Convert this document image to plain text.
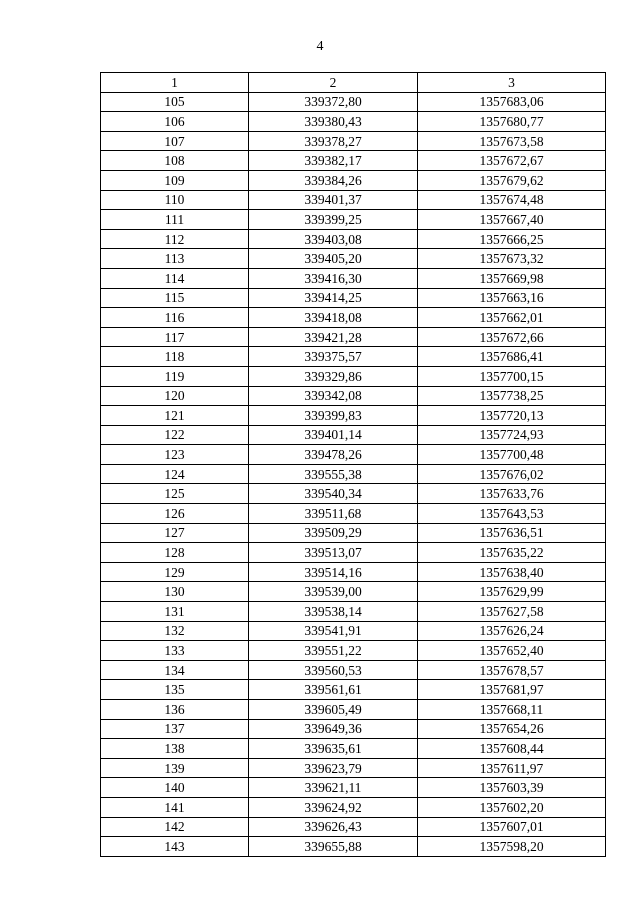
4
1	2	3
105	339372,80	1357683,06
106	339380,43	1357680,77
107	339378,27	1357673,58
108	339382,17	1357672,67
109	339384,26	1357679,62
110	339401,37	1357674,48
111	339399,25	1357667,40
112	339403,08	1357666,25
113	339405,20	1357673,32
114	339416,30	1357669,98
115	339414,25	1357663,16
116	339418,08	1357662,01
117	339421,28	1357672,66
118	339375,57	1357686,41
119	339329,86	1357700,15
120	339342,08	1357738,25
121	339399,83	1357720,13
122	339401,14	1357724,93
123	339478,26	1357700,48
124	339555,38	1357676,02
125	339540,34	1357633,76
126	339511,68	1357643,53
127	339509,29	1357636,51
128	339513,07	1357635,22
129	339514,16	1357638,40
130	339539,00	1357629,99
131	339538,14	1357627,58
132	339541,91	1357626,24
133	339551,22	1357652,40
134	339560,53	1357678,57
135	339561,61	1357681,97
136	339605,49	1357668,11
137	339649,36	1357654,26
138	339635,61	1357608,44
139	339623,79	1357611,97
140	339621,11	1357603,39
141	339624,92	1357602,20
142	339626,43	1357607,01
143	339655,88	1357598,20
